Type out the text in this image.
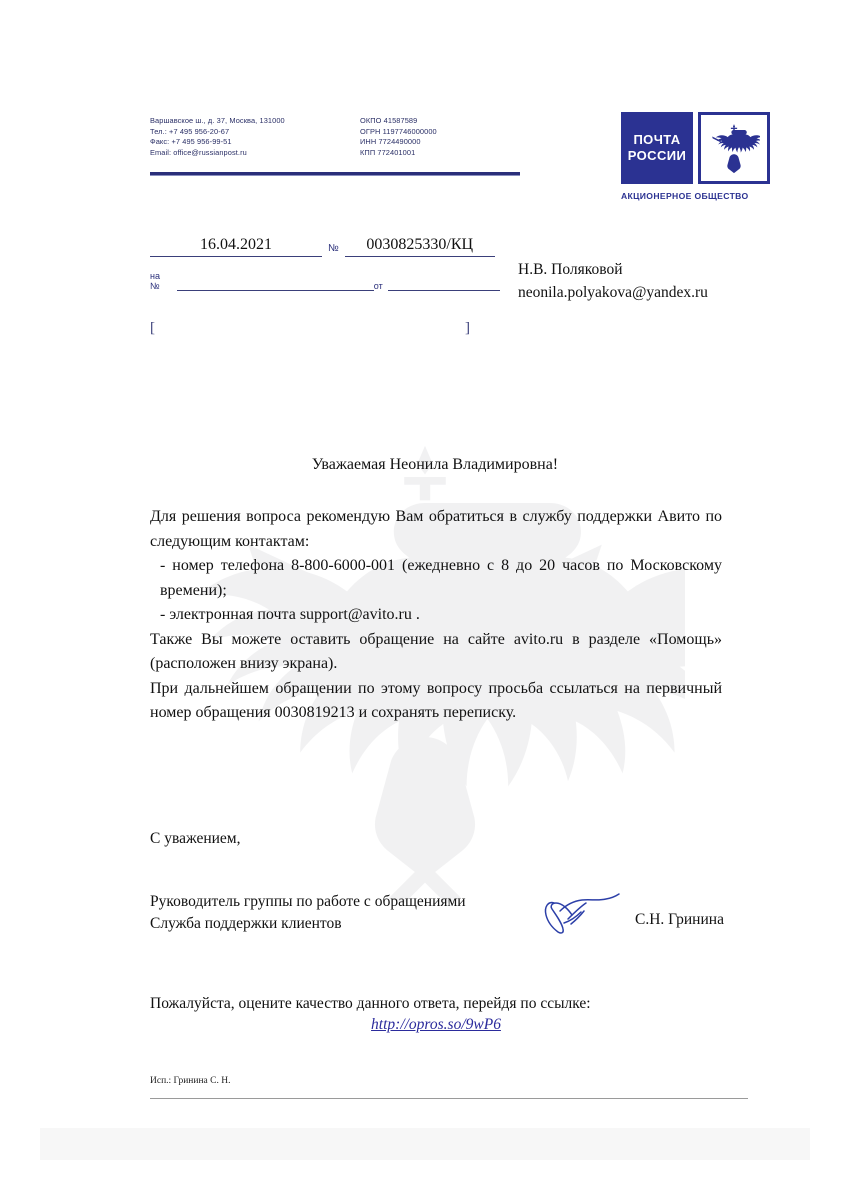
Варшавское ш., д. 37, Москва, 131000
Тел.: +7 495 956-20-67
Факс: +7 495 956-99-51
Email: office@russianpost.ru
ОКПО 41587589
ОГРН 1197746000000
ИНН 7724490000
КПП 772401001
ПОЧТА
РОССИИ
АКЦИОНЕРНОЕ ОБЩЕСТВО
16.04.2021	№	0030825330/КЦ
на №	от
Н.В. Поляковой
neonila.polyakova@yandex.ru
[	]
Уважаемая Неонила Владимировна!
Для решения вопроса рекомендую Вам обратиться в службу поддержки Авито по следующим контактам:
- номер телефона 8-800-6000-001 (ежедневно с 8 до 20 часов по Московскому времени);
- электронная почта support@avito.ru .
Также Вы можете оставить обращение на сайте avito.ru в разделе «Помощь» (расположен внизу экрана).
При дальнейшем обращении по этому вопросу просьба ссылаться на первичный номер обращения 0030819213 и сохранять переписку.
С уважением,
Руководитель группы по работе с обращениями
Служба поддержки клиентов	С.Н. Гринина
Пожалуйста, оцените качество данного ответа, перейдя по ссылке:
http://opros.so/9wP6
Исп.: Гринина С. Н.
